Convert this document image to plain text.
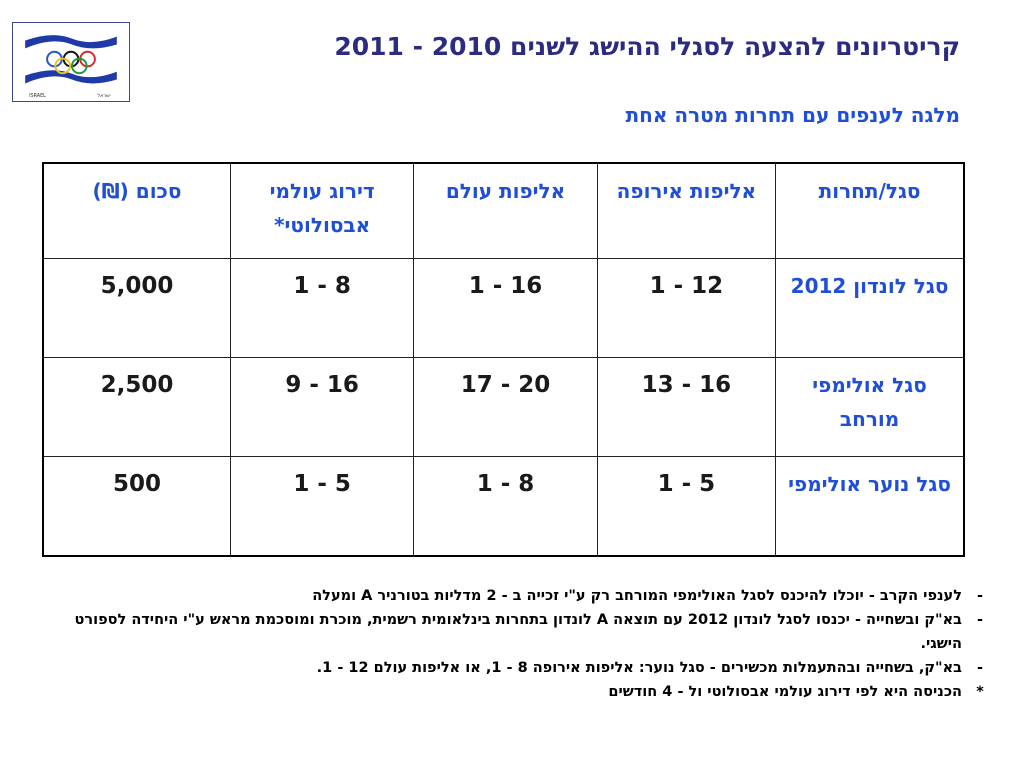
ISRAEL	ישראל
קריטריונים להצעה לסגלי ההישג לשנים 2010 - 2011
מלגה לענפים עם תחרות מטרה אחת
סגל/תחרות	אליפות אירופה	אליפות עולם	דירוג עולמי אבסולוטי*	סכום (₪)
סגל לונדון 2012	1 - 12	1 - 16	1 - 8	5,000
סגל אולימפי מורחב	13 - 16	17 - 20	9 - 16	2,500
סגל נוער אולימפי	1 - 5	1 - 8	1 - 5	500
-
לענפי הקרב - יוכלו להיכנס לסגל האולימפי המורחב רק ע"י זכייה ב - 2 מדליות בטורניר A ומעלה
-
בא"ק ובשחייה - יכנסו לסגל לונדון 2012 עם תוצאה A לונדון בתחרות בינלאומית רשמית, מוכרת ומוסכמת מראש ע"י היחידה לספורט הישגי.
-
בא"ק, בשחייה ובהתעמלות מכשירים - סגל נוער: אליפות אירופה 8 - 1, או אליפות עולם 12 - 1.
*
הכניסה היא לפי דירוג עולמי אבסולוטי ול - 4 חודשים
